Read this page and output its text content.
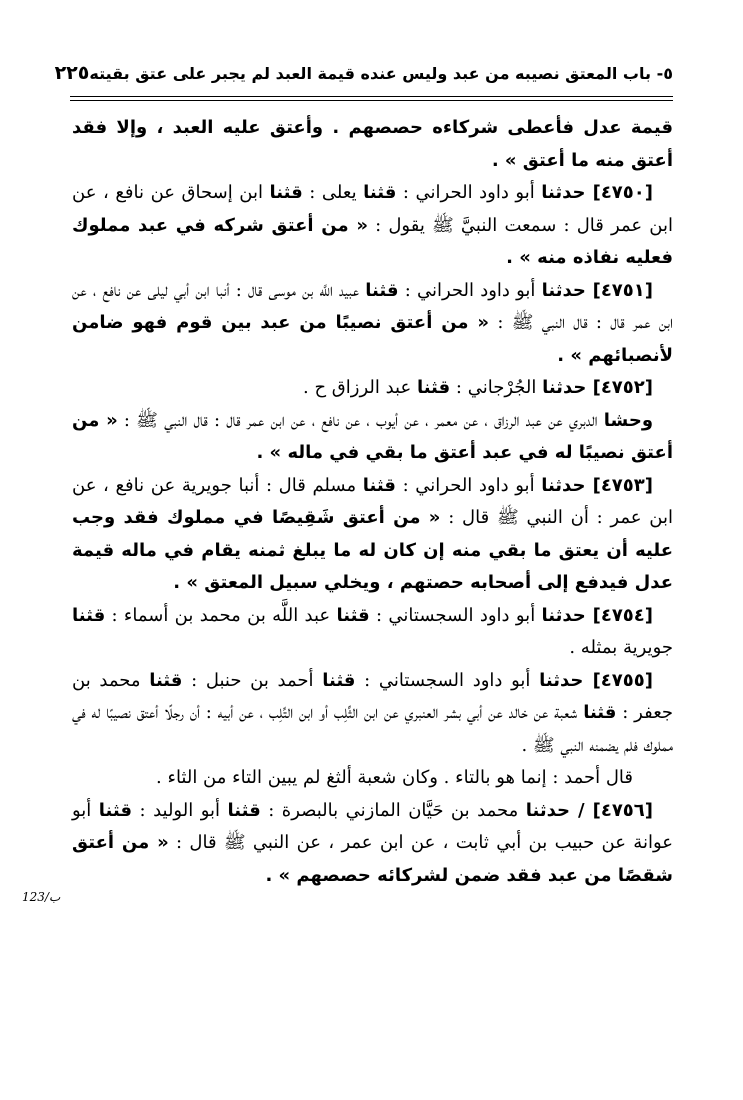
٥- باب المعتق نصيبه من عبد وليس عنده قيمة العبد لم يجبر على عتق بقيته
٢٢٥

قيمة عدل فأعطى شركاءه حصصهم . وأعتق عليه العبد ، وإلا فقد أعتق منه ما أعتق » .

[٤٧٥٠] حدثنا أبو داود الحراني : قثنا يعلى : قثنا ابن إسحاق عن نافع ، عن ابن عمر قال : سمعت النبيَّ ﷺ يقول : « من أعتق شركه في عبد مملوك فعليه نفاذه منه » .

[٤٧٥١] حدثنا أبو داود الحراني : قثنا عبيد اللَّه بن موسى قال : أنبا ابن أبي ليلى عن نافع ، عن ابن عمر قال : قال النبي ﷺ : « من أعتق نصيبًا من عبد بين قوم فهو ضامن لأنصبائهم » .

[٤٧٥٢] حدثنا الجُرْجاني : قثنا عبد الرزاق ح .

وحشا الدبري عن عبد الرزاق ، عن معمر ، عن أيوب ، عن نافع ، عن ابن عمر قال : قال النبي ﷺ : « من أعتق نصيبًا له في عبد أعتق ما بقي في ماله » .

[٤٧٥٣] حدثنا أبو داود الحراني : قثنا مسلم قال : أنبا جويرية عن نافع ، عن ابن عمر : أن النبي ﷺ قال : « من أعتق شَقِيصًا في مملوك فقد وجب عليه أن يعتق ما بقي منه إن كان له ما يبلغ ثمنه يقام في ماله قيمة عدل فيدفع إلى أصحابه حصتهم ، ويخلي سبيل المعتق » .

[٤٧٥٤] حدثنا أبو داود السجستاني : قثنا عبد اللَّه بن محمد بن أسماء : قثنا جويرية بمثله .

[٤٧٥٥] حدثنا أبو داود السجستاني : قثنا أحمد بن حنبل : قثنا محمد بن جعفر : قثنا شعبة عن خالد عن أبي بشر العنبري عن ابن الثِّلِب أو ابن التِّلِب ، عن أبيه : أن رجلًا أعتق نصيبًا له في مملوك فلم يضمنه النبي ﷺ .

قال أحمد : إنما هو بالتاء . وكان شعبة ألثغ لم يبين التاء من الثاء .

[٤٧٥٦] / حدثنا محمد بن حَيَّان المازني بالبصرة : قثنا أبو الوليد : قثنا أبو عوانة عن حبيب بن أبي ثابت ، عن ابن عمر ، عن النبي ﷺ قال : « من أعتق شقصًا من عبد فقد ضمن لشركائه حصصهم » .

123/ب
